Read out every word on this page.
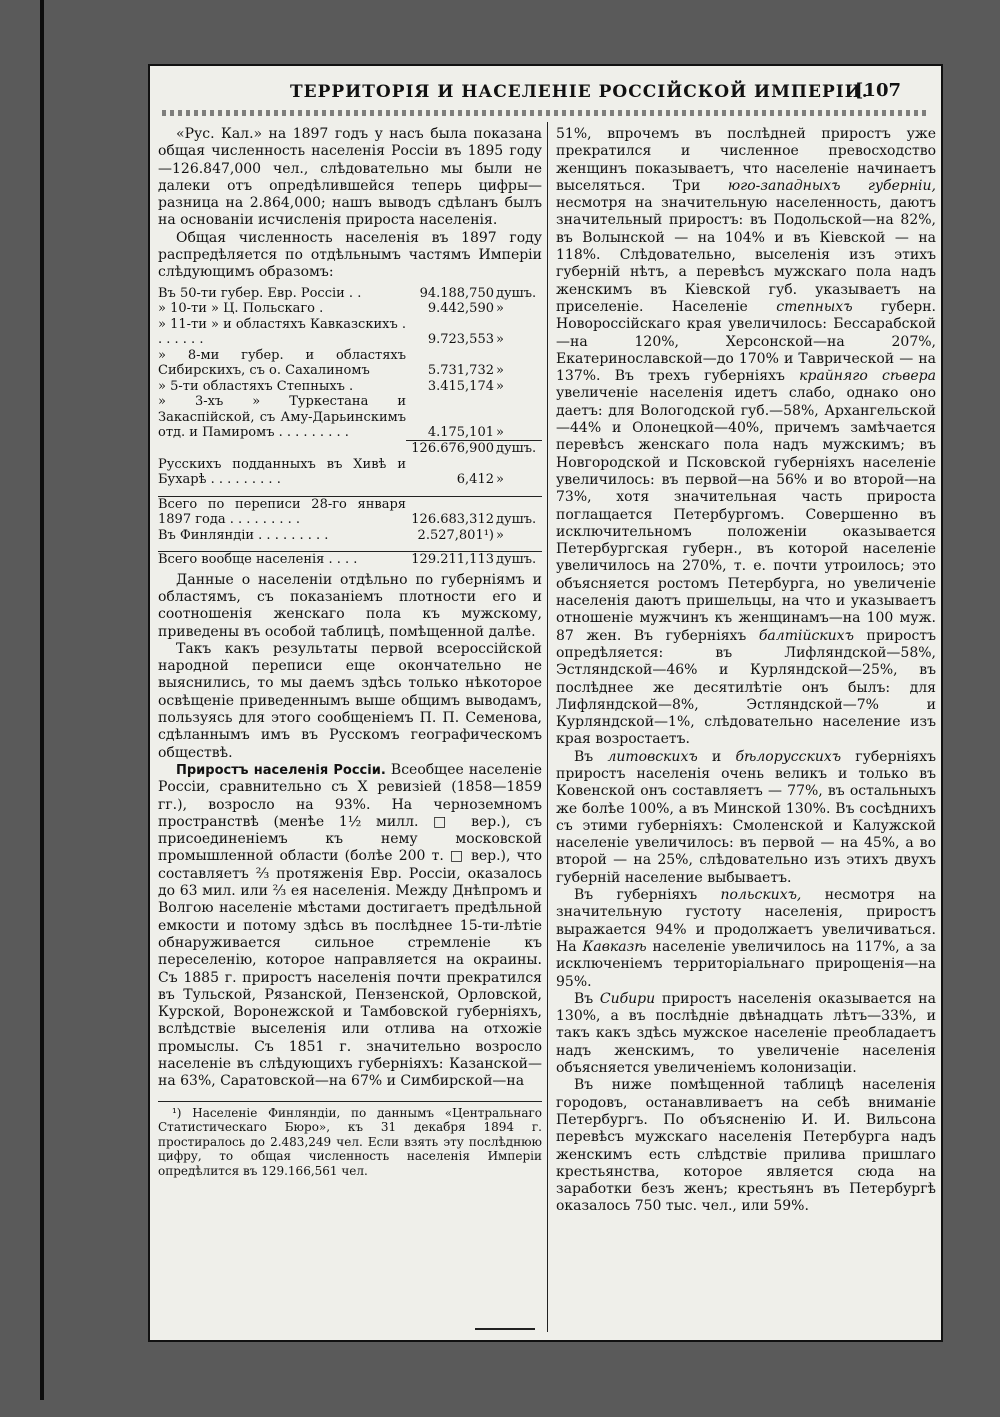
ТЕРРИТОРІЯ И НАСЕЛЕНІЕ РОССІЙСКОЙ ИМПЕРІИ.
[107

«Рус. Кал.» на 1897 годъ у насъ была показана общая численность населенія Россіи въ 1895 году—126.847,000 чел., слѣдовательно мы были не далеки отъ опредѣлившейся теперь цифры—разница на 2.864,000; нашъ выводъ сдѣланъ былъ на основаніи исчисленія прироста населенія.

Общая численность населенія въ 1897 году распредѣляется по отдѣльнымъ частямъ Имперіи слѣдующимъ образомъ:

Въ 50-ти губер. Евр. Россіи . .	94.188,750	душъ.
» 10-ти » Ц. Польскаго .	9.442,590	»
» 11-ти » и областяхъ Кавказскихъ . . . . . . .	9.723,553	»
» 8-ми губер. и областяхъ Сибирскихъ, съ о. Сахалиномъ	5.731,732	»
» 5-ти областяхъ Степныхъ .	3.415,174	»
» 3-хъ » Туркестана и Закаспійской, съ Аму-Дарьинскимъ отд. и Памиромъ . . . . . . . . .	4.175,101	»
	126.676,900	душъ.
Русскихъ подданныхъ въ Хивѣ и Бухарѣ . . . . . . . . .	6,412	»

Всего по переписи 28-го января 1897 года . . . . . . . . .	126.683,312	душъ.
Въ Финляндіи . . . . . . . . .	2.527,801¹)	»

Всего вообще населенія . . . .	129.211,113	душъ.

Данные о населеніи отдѣльно по губерніямъ и областямъ, съ показаніемъ плотности его и соотношенія женскаго пола къ мужскому, приведены въ особой таблицѣ, помѣщенной далѣе.

Такъ какъ результаты первой всероссійской народной переписи еще окончательно не выяснились, то мы даемъ здѣсь только нѣкоторое освѣщеніе приведеннымъ выше общимъ выводамъ, пользуясь для этого сообщеніемъ П. П. Семенова, сдѣланнымъ имъ въ Русскомъ географическомъ обществѣ.

Приростъ населенія Россіи. Всеобщее населеніе Россіи, сравнительно съ Х ревизіей (1858—1859 гг.), возросло на 93%. На черноземномъ пространствѣ (менѣе 1½ милл. □ вер.), съ присоединеніемъ къ нему московской промышленной области (болѣе 200 т. □ вер.), что составляетъ ⅔ протяженія Евр. Россіи, оказалось до 63 мил. или ⅔ ея населенія. Между Днѣпромъ и Волгою населеніе мѣстами достигаетъ предѣльной емкости и потому здѣсь въ послѣднее 15-ти-лѣтіе обнаруживается сильное стремленіе къ переселенію, которое направляется на окраины. Съ 1885 г. приростъ населенія почти прекратился въ Тульской, Рязанской, Пензенской, Орловской, Курской, Воронежской и Тамбовской губерніяхъ, вслѣдствіе выселенія или отлива на отхожіе промыслы. Съ 1851 г. значительно возросло населеніе въ слѣдующихъ губерніяхъ: Казанской—на 63%, Саратовской—на 67% и Симбирской—на

¹) Населеніе Финляндіи, по даннымъ «Центральнаго Статистическаго Бюро», къ 31 декабря 1894 г. простиралось до 2.483,249 чел. Если взять эту послѣднюю цифру, то общая численность населенія Имперіи опредѣлится въ 129.166,561 чел.

51%, впрочемъ въ послѣдней приростъ уже прекратился и численное превосходство женщинъ показываетъ, что населеніе начинаетъ выселяться. Три юго-западныхъ губерніи, несмотря на значительную населенность, даютъ значительный приростъ: въ Подольской—на 82%, въ Волынской — на 104% и въ Кіевской — на 118%. Слѣдовательно, выселенія изъ этихъ губерній нѣтъ, а перевѣсъ мужскаго пола надъ женскимъ въ Кіевской губ. указываетъ на приселеніе. Населеніе степныхъ губерн. Новороссійскаго края увеличилось: Бессарабской—на 120%, Херсонской—на 207%, Екатеринославской—до 170% и Таврической — на 137%. Въ трехъ губерніяхъ крайняго сѣвера увеличеніе населенія идетъ слабо, однако оно даетъ: для Вологодской губ.—58%, Архангельской—44% и Олонецкой—40%, причемъ замѣчается перевѣсъ женскаго пола надъ мужскимъ; въ Новгородской и Псковской губерніяхъ населеніе увеличилось: въ первой—на 56% и во второй—на 73%, хотя значительная часть прироста поглащается Петербургомъ. Совершенно въ исключительномъ положеніи оказывается Петербургская губерн., въ которой населеніе увеличилось на 270%, т. е. почти утроилось; это объясняется ростомъ Петербурга, но увеличеніе населенія даютъ пришельцы, на что и указываетъ отношеніе мужчинъ къ женщинамъ—на 100 муж. 87 жен. Въ губерніяхъ балтійскихъ приростъ опредѣляется: въ Лифляндской—58%, Эстляндской—46% и Курляндской—25%, въ послѣднее же десятилѣтіе онъ былъ: для Лифляндской—8%, Эстляндской—7% и Курляндской—1%, слѣдовательно население изъ края возростаетъ.

Въ литовскихъ и бѣлорусскихъ губерніяхъ приростъ населенія очень великъ и только въ Ковенской онъ составляетъ — 77%, въ остальныхъ же болѣе 100%, а въ Минской 130%. Въ сосѣднихъ съ этими губерніяхъ: Смоленской и Калужской населеніе увеличилось: въ первой — на 45%, а во второй — на 25%, слѣдовательно изъ этихъ двухъ губерній население выбываетъ.

Въ губерніяхъ польскихъ, несмотря на значительную густоту населенія, приростъ выражается 94% и продолжаетъ увеличиваться. На Кавказѣ населеніе увеличилось на 117%, а за исключеніемъ территоріальнаго прирощенія—на 95%.

Въ Сибири приростъ населенія оказывается на 130%, а въ послѣдніе двѣнадцать лѣтъ—33%, и такъ какъ здѣсь мужское населеніе преобладаетъ надъ женскимъ, то увеличеніе населенія объясняется увеличеніемъ колонизаціи.

Въ ниже помѣщенной таблицѣ населенія городовъ, останавливаетъ на себѣ вниманіе Петербургъ. По объясненію И. И. Вильсона перевѣсъ мужскаго населенія Петербурга надъ женскимъ есть слѣдствіе прилива пришлаго крестьянства, которое является сюда на заработки безъ женъ; крестьянъ въ Петербургѣ оказалось 750 тыс. чел., или 59%.
